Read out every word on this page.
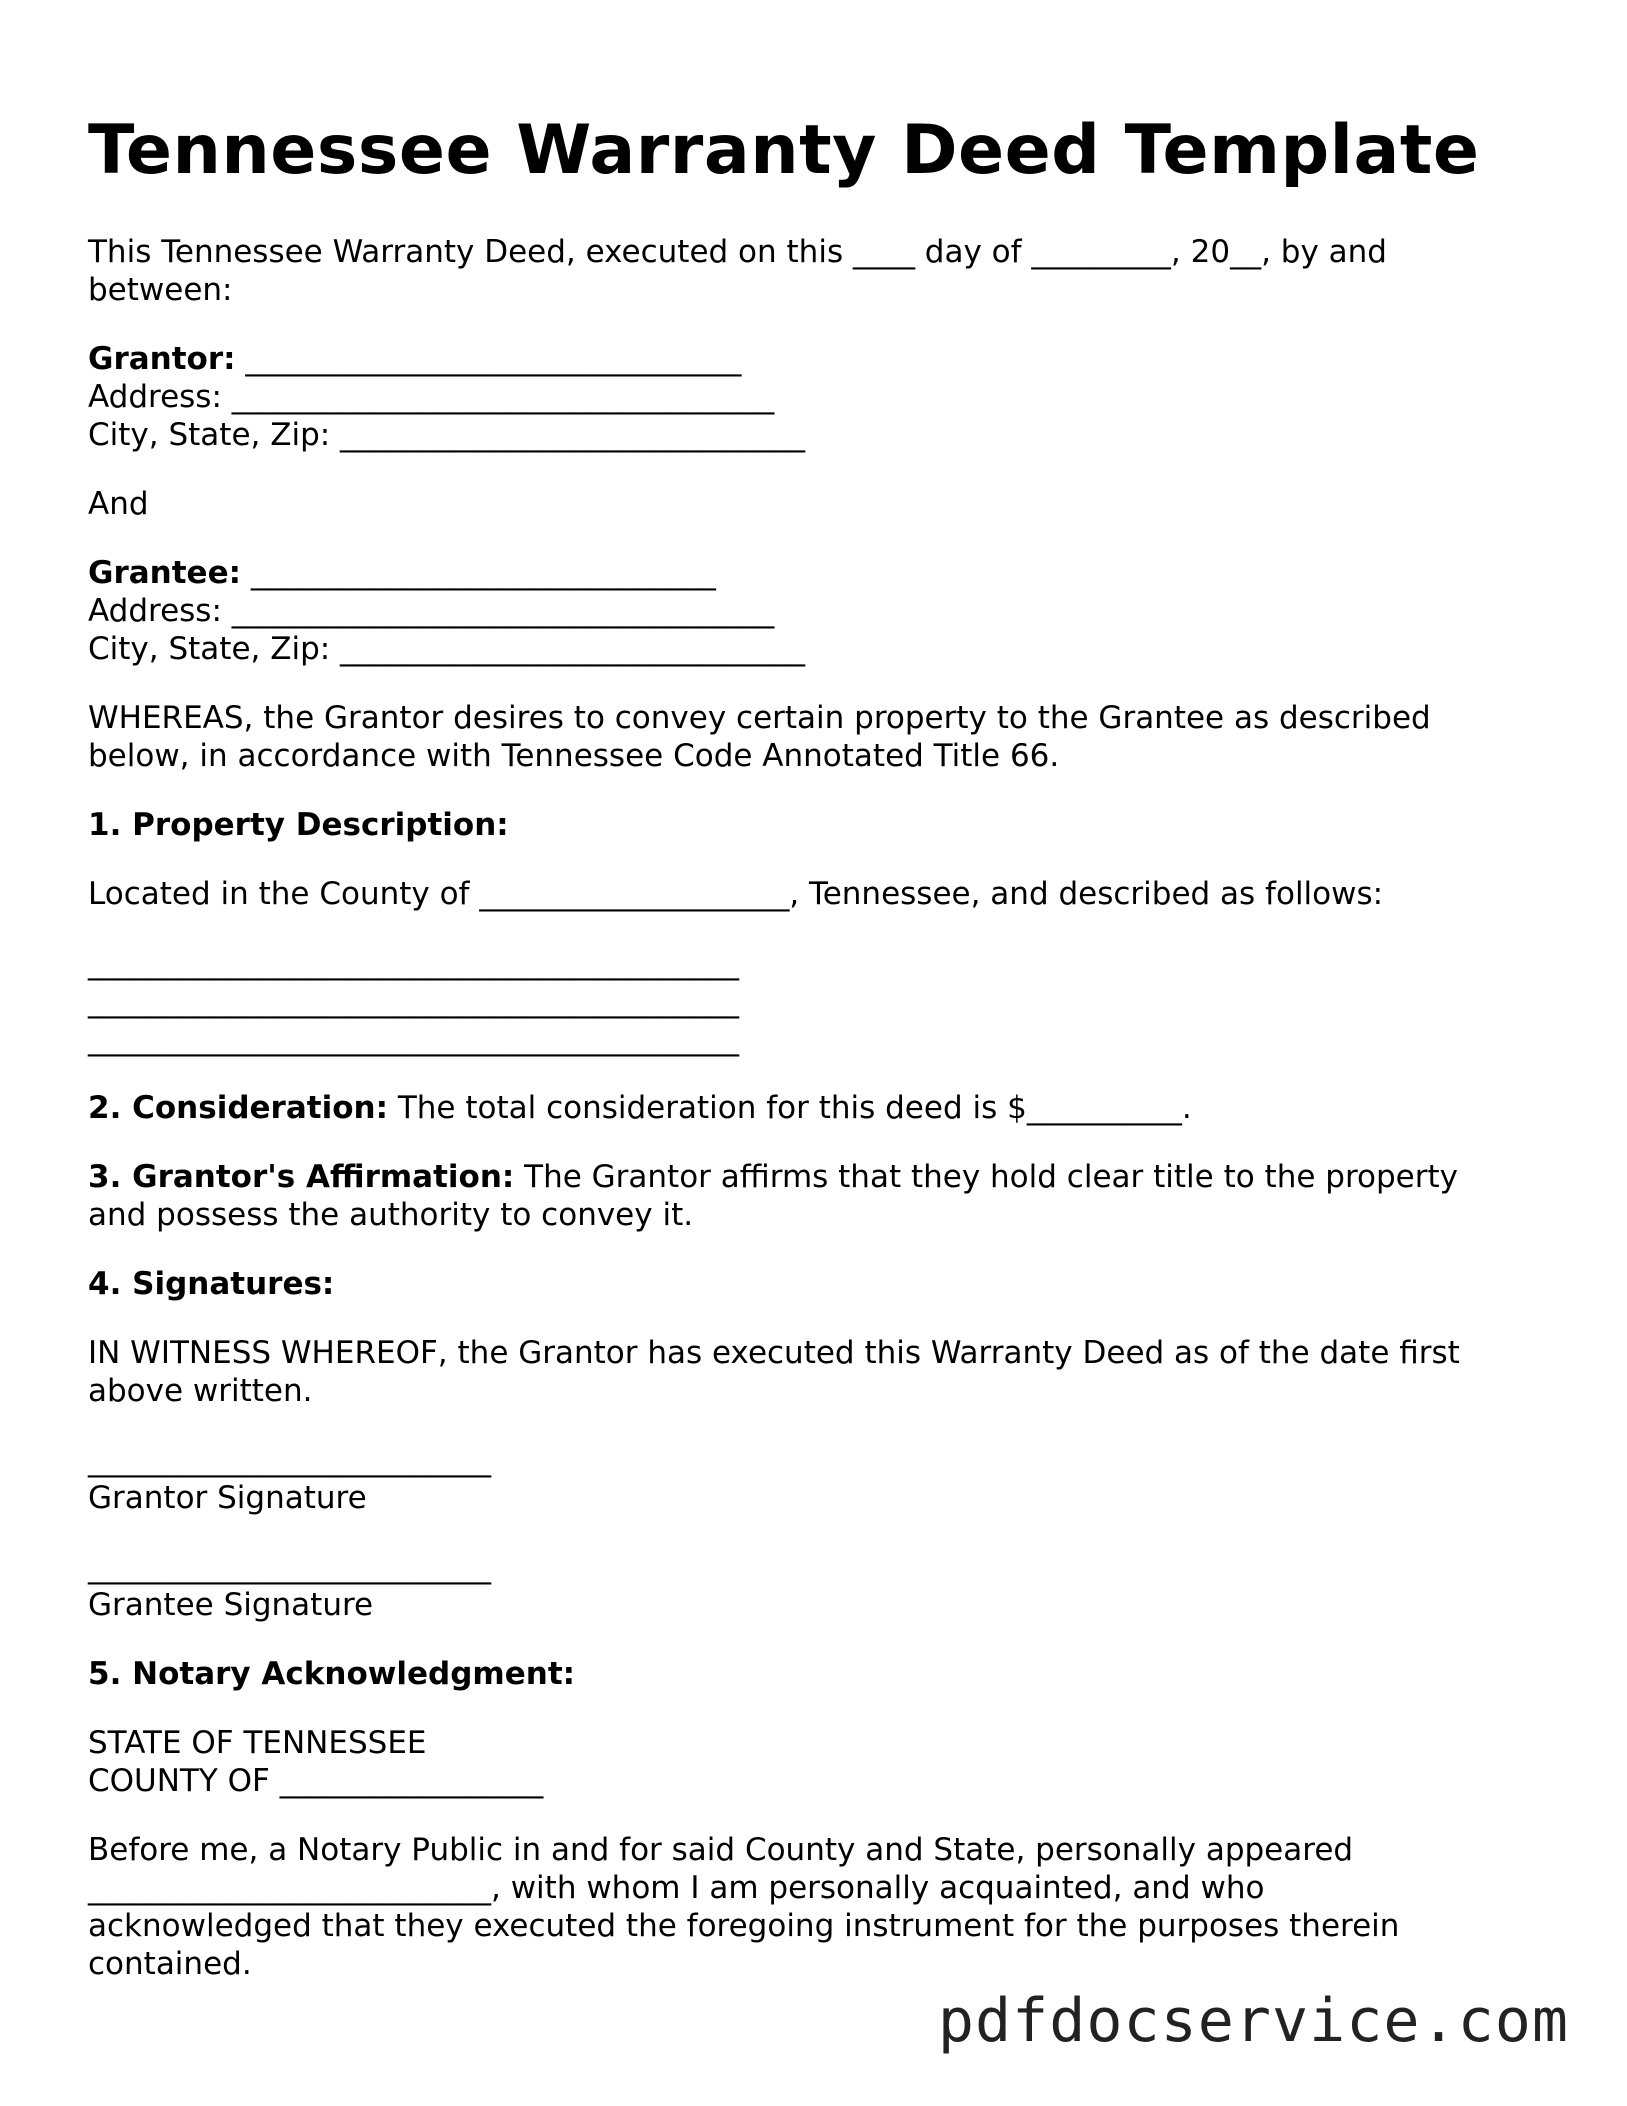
Tennessee Warranty Deed Template

This Tennessee Warranty Deed, executed on this ____ day of _________, 20__, by and
between:

Grantor: ________________________________
Address: ___________________________________
City, State, Zip: ______________________________

And

Grantee: ______________________________
Address: ___________________________________
City, State, Zip: ______________________________

WHEREAS, the Grantor desires to convey certain property to the Grantee as described
below, in accordance with Tennessee Code Annotated Title 66.

1. Property Description:

Located in the County of ____________________, Tennessee, and described as follows:

__________________________________________
__________________________________________
__________________________________________

2. Consideration: The total consideration for this deed is $__________.

3. Grantor's Affirmation: The Grantor affirms that they hold clear title to the property
and possess the authority to convey it.

4. Signatures:

IN WITNESS WHEREOF, the Grantor has executed this Warranty Deed as of the date first
above written.

__________________________
Grantor Signature

__________________________
Grantee Signature

5. Notary Acknowledgment:

STATE OF TENNESSEE
COUNTY OF _________________

Before me, a Notary Public in and for said County and State, personally appeared
__________________________, with whom I am personally acquainted, and who
acknowledged that they executed the foregoing instrument for the purposes therein
contained.

pdfdocservice.com
